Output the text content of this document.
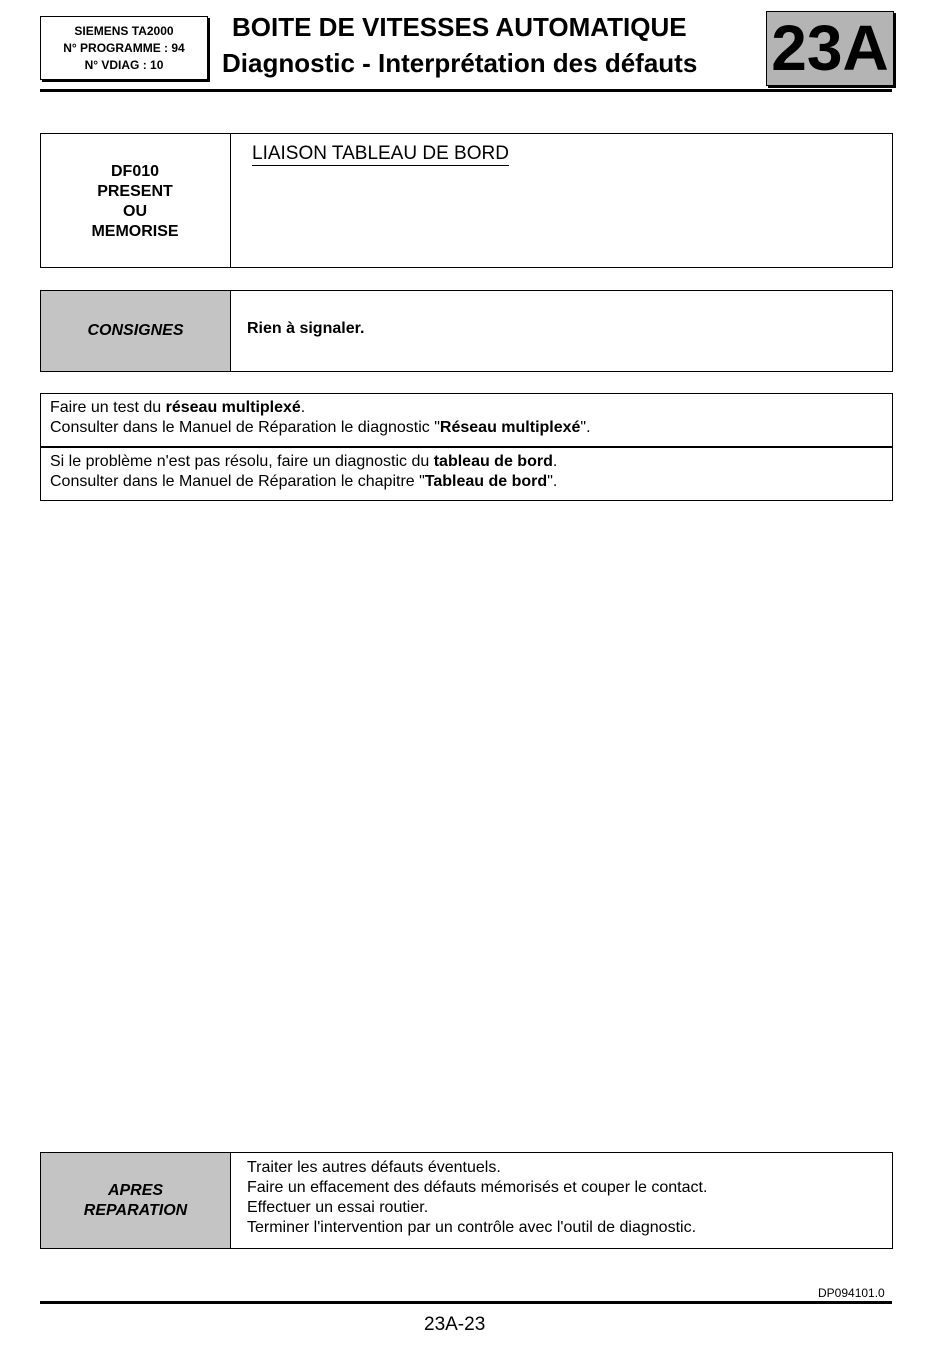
SIEMENS TA2000
N° PROGRAMME : 94
N° VDIAG : 10
BOITE DE VITESSES AUTOMATIQUE
Diagnostic - Interprétation des défauts 23A
DF010
PRESENT
OU
MEMORISE
LIAISON TABLEAU DE BORD
CONSIGNES	Rien à signaler.
Faire un test du réseau multiplexé.
Consulter dans le Manuel de Réparation le diagnostic "Réseau multiplexé".
Si le problème n'est pas résolu, faire un diagnostic du tableau de bord.
Consulter dans le Manuel de Réparation le chapitre "Tableau de bord".
APRES
REPARATION
Traiter les autres défauts éventuels.
Faire un effacement des défauts mémorisés et couper le contact.
Effectuer un essai routier.
Terminer l'intervention par un contrôle avec l'outil de diagnostic.
DP094101.0
23A-23
